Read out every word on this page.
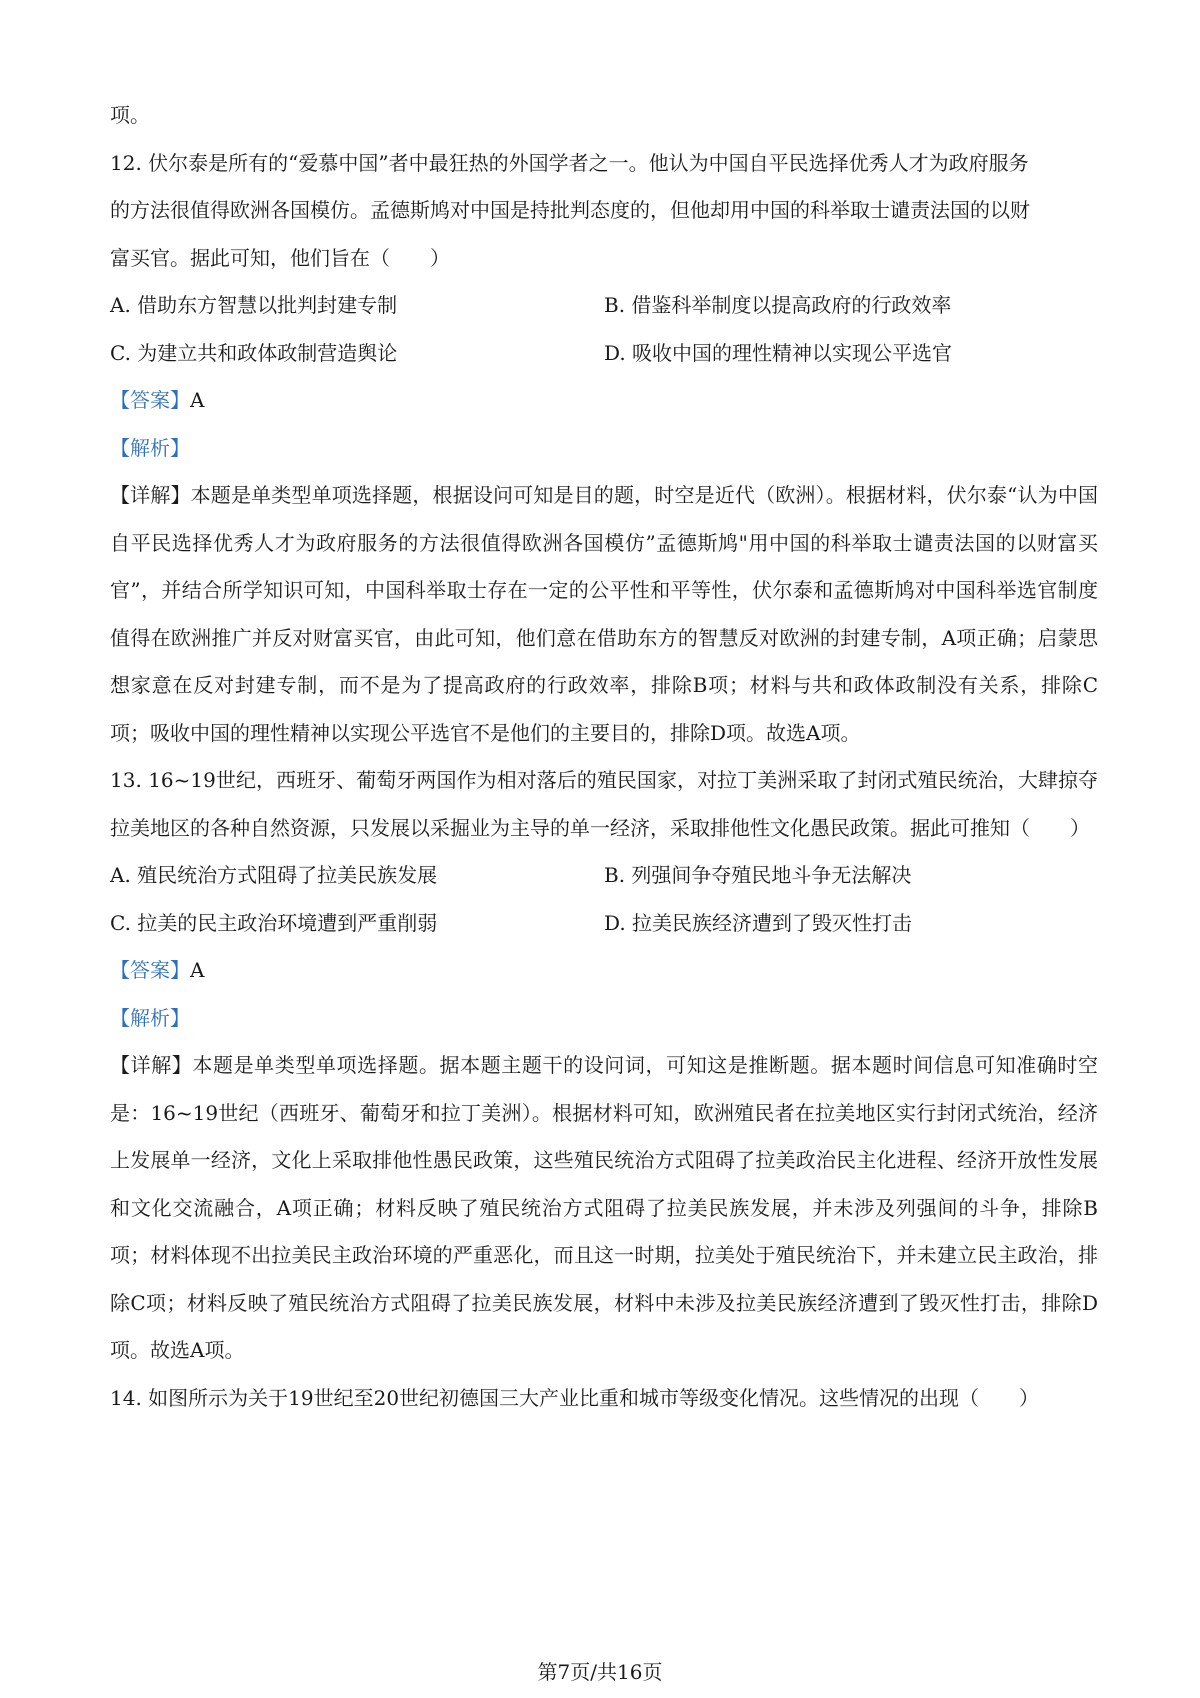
项。
12. 伏尔泰是所有的“爱慕中国”者中最狂热的外国学者之一。他认为中国自平民选择优秀人才为政府服务
的方法很值得欧洲各国模仿。孟德斯鸠对中国是持批判态度的，但他却用中国的科举取士谴责法国的以财
富买官。据此可知，他们旨在（　　）
A. 借助东方智慧以批判封建专制	B. 借鉴科举制度以提高政府的行政效率
C. 为建立共和政体政制营造舆论	D. 吸收中国的理性精神以实现公平选官
【答案】A
【解析】
【详解】本题是单类型单项选择题，根据设问可知是目的题，时空是近代（欧洲）。根据材料，伏尔泰“认为中国自平民选择优秀人才为政府服务的方法很值得欧洲各国模仿”孟德斯鸠"用中国的科举取士谴责法国的以财富买官”，并结合所学知识可知，中国科举取士存在一定的公平性和平等性，伏尔泰和孟德斯鸠对中国科举选官制度值得在欧洲推广并反对财富买官，由此可知，他们意在借助东方的智慧反对欧洲的封建专制，A项正确；启蒙思想家意在反对封建专制，而不是为了提高政府的行政效率，排除B项；材料与共和政体政制没有关系，排除C项；吸收中国的理性精神以实现公平选官不是他们的主要目的，排除D项。故选A项。
13. 16~19世纪，西班牙、葡萄牙两国作为相对落后的殖民国家，对拉丁美洲采取了封闭式殖民统治，大肆掠夺拉美地区的各种自然资源，只发展以采掘业为主导的单一经济，采取排他性文化愚民政策。据此可推知（　　）
A. 殖民统治方式阻碍了拉美民族发展	B. 列强间争夺殖民地斗争无法解决
C. 拉美的民主政治环境遭到严重削弱	D. 拉美民族经济遭到了毁灭性打击
【答案】A
【解析】
【详解】本题是单类型单项选择题。据本题主题干的设问词，可知这是推断题。据本题时间信息可知准确时空是：16~19世纪（西班牙、葡萄牙和拉丁美洲）。根据材料可知，欧洲殖民者在拉美地区实行封闭式统治，经济上发展单一经济，文化上采取排他性愚民政策，这些殖民统治方式阻碍了拉美政治民主化进程、经济开放性发展和文化交流融合，A项正确；材料反映了殖民统治方式阻碍了拉美民族发展，并未涉及列强间的斗争，排除B项；材料体现不出拉美民主政治环境的严重恶化，而且这一时期，拉美处于殖民统治下，并未建立民主政治，排除C项；材料反映了殖民统治方式阻碍了拉美民族发展，材料中未涉及拉美民族经济遭到了毁灭性打击，排除D项。故选A项。
14. 如图所示为关于19世纪至20世纪初德国三大产业比重和城市等级变化情况。这些情况的出现（　　）
第7页/共16页
